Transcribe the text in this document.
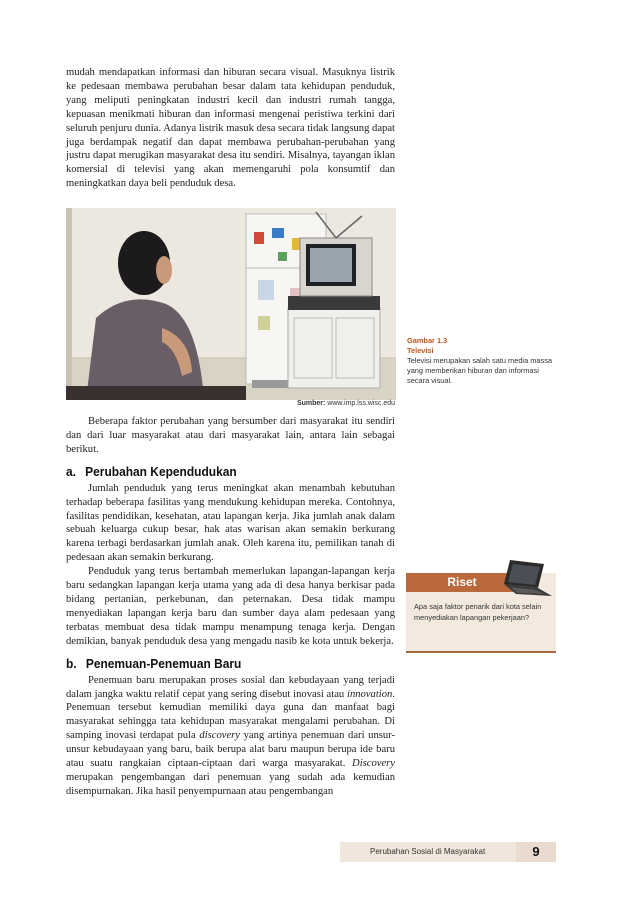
mudah mendapatkan informasi dan hiburan secara visual. Masuknya listrik ke pedesaan membawa perubahan besar dalam tata kehidupan penduduk, yang meliputi peningkatan industri kecil dan industri rumah tangga, kepuasan menikmati hiburan dan informasi mengenai peristiwa terkini dari seluruh penjuru dunia. Adanya listrik masuk desa secara tidak langsung dapat juga berdampak negatif dan dapat membawa perubahan-perubahan yang justru dapat merugikan masyarakat desa itu sendiri. Misalnya, tayangan iklan komersial di televisi yang akan memengaruhi pola konsumtif dan meningkatkan daya beli penduduk desa.

Sumber: www.imp.lss.wisc.edu
Gambar 1.3
Televisi
Televisi merupakan salah satu media massa yang memberikan hiburan dan informasi secara visual.

Beberapa faktor perubahan yang bersumber dari masyarakat itu sendiri dan dari luar masyarakat atau dari masyarakat lain, antara lain sebagai berikut.

a. Perubahan Kependudukan

Jumlah penduduk yang terus meningkat akan menambah kebutuhan terhadap beberapa fasilitas yang mendukung kehidupan mereka. Contohnya, fasilitas pendidikan, kesehatan, atau lapangan kerja. Jika jumlah anak dalam sebuah keluarga cukup besar, hak atas warisan akan semakin berkurang karena terbagi berdasarkan jumlah anak. Oleh karena itu, pemilikan tanah di pedesaan akan semakin berkurang.

Penduduk yang terus bertambah memerlukan lapangan-lapangan kerja baru sedangkan lapangan kerja utama yang ada di desa hanya berkisar pada bidang pertanian, perkebunan, dan peternakan. Desa tidak mampu menyediakan lapangan kerja baru dan sumber daya alam pedesaan yang terbatas membuat desa tidak mampu menampung tenaga kerja. Dengan demikian, banyak penduduk desa yang mengadu nasib ke kota untuk bekerja.

b. Penemuan-Penemuan Baru

Penemuan baru merupakan proses sosial dan kebudayaan yang terjadi dalam jangka waktu relatif cepat yang sering disebut inovasi atau innovation. Penemuan tersebut kemudian memiliki daya guna dan manfaat bagi masyarakat sehingga tata kehidupan masyarakat mengalami perubahan. Di samping inovasi terdapat pula discovery yang artinya penemuan dari unsur-unsur kebudayaan yang baru, baik berupa alat baru maupun berupa ide baru atau suatu rangkaian ciptaan-ciptaan dari warga masyarakat. Discovery merupakan pengembangan dari penemuan yang sudah ada kemudian disempurnakan. Jika hasil penyempurnaan atau pengembangan

Riset
Apa saja faktor penarik dari kota selain menyediakan lapangan pekerjaan?
Perubahan Sosial di Masyarakat	9
